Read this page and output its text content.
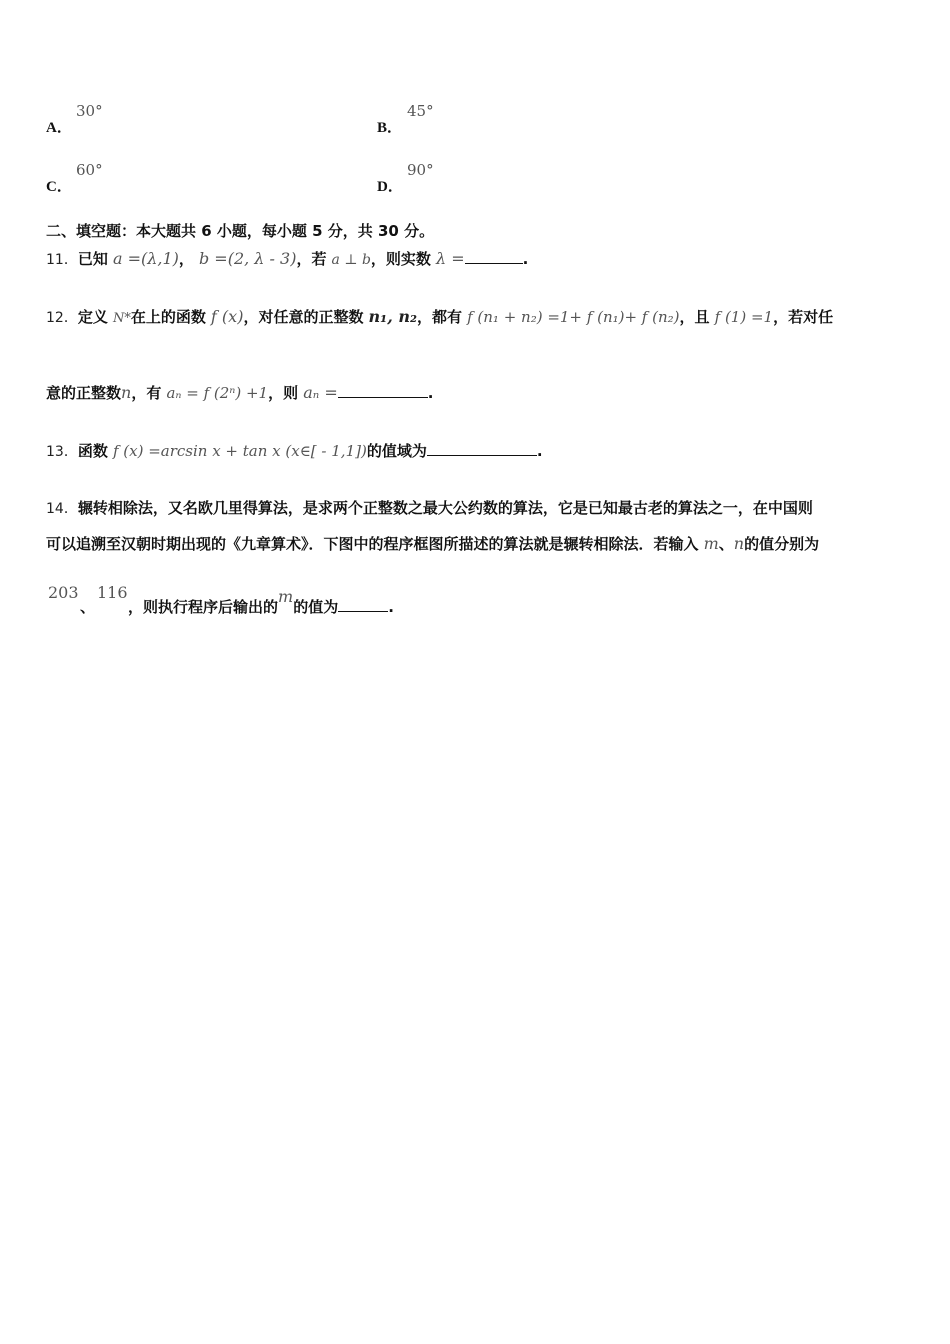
A．
30°
B．
45°
C．
60°
D．
90°
二、填空题：本大题共 6 小题，每小题 5 分，共 30 分。
11．已知 a =(λ,1)， b =(2, λ - 3)，若 a ⊥ b，则实数 λ =	.
12．定义 N*在上的函数 f (x)，对任意的正整数 n₁, n₂，都有 f (n₁ + n₂) =1+ f (n₁)+ f (n₂)，且 f (1) =1，若对任
意的正整数n，有 aₙ = f (2ⁿ) +1，则 aₙ =	.
13．函数 f (x) =arcsin x + tan x (x∈[ - 1,1])的值域为	.
14．辗转相除法，又名欧几里得算法，是求两个正整数之最大公约数的算法，它是已知最古老的算法之一，在中国则
可以追溯至汉朝时期出现的《九章算术》．下图中的程序框图所描述的算法就是辗转相除法．若输入 m、n的值分别为
203
、
116
，则执行程序后输出的m的值为	.
